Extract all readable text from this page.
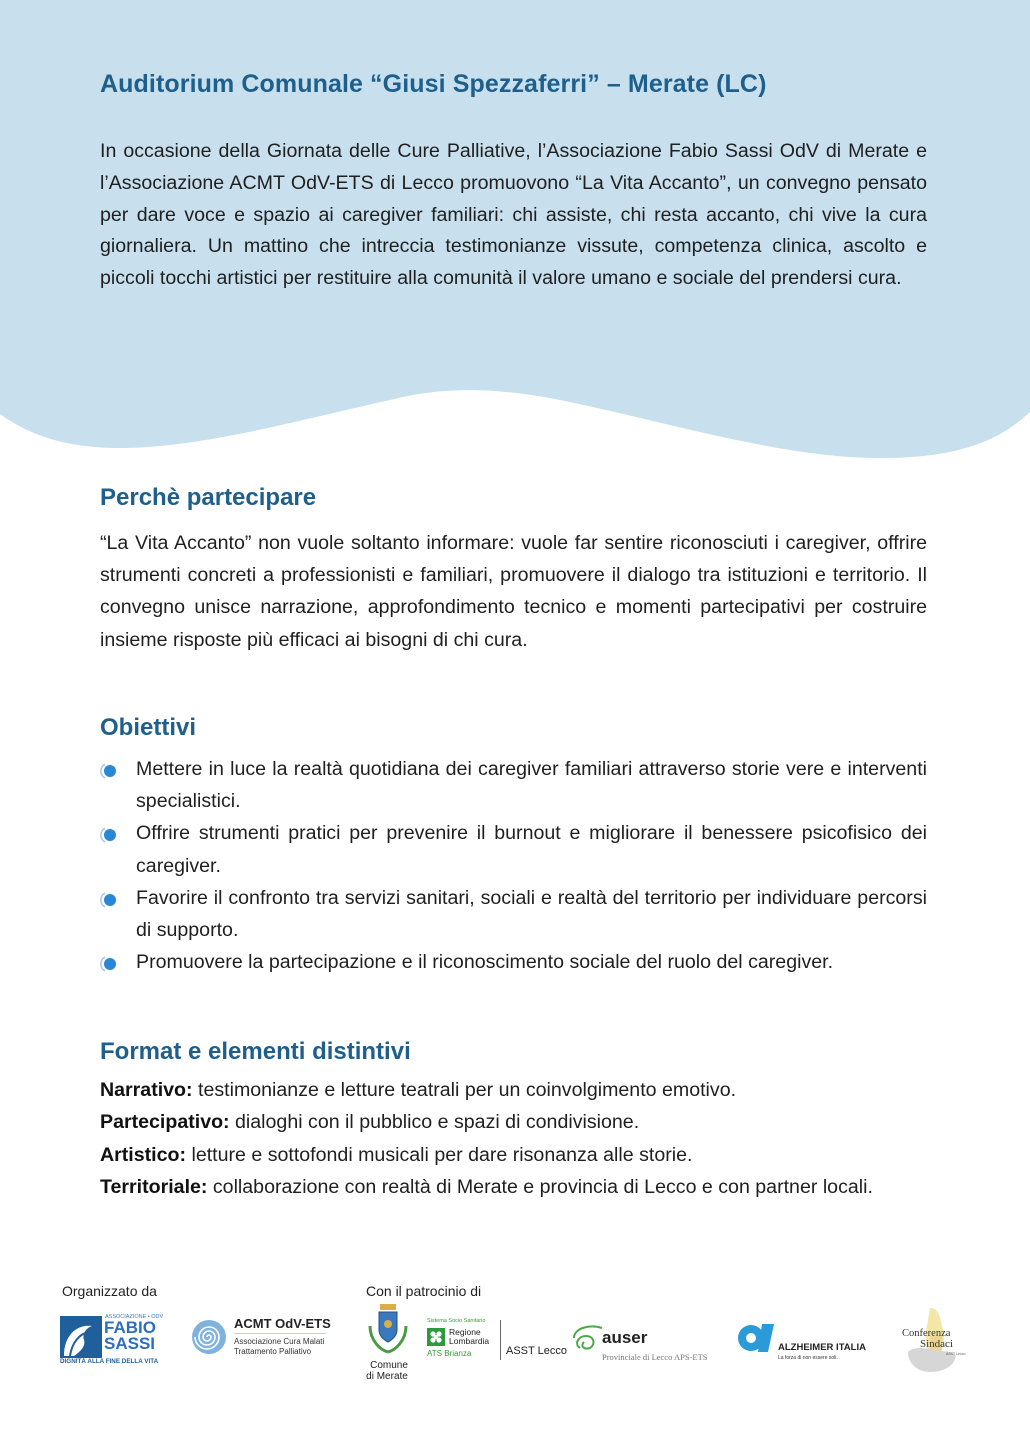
Auditorium Comunale “Giusi Spezzaferri” – Merate (LC)

In occasione della Giornata delle Cure Palliative, l’Associazione Fabio Sassi OdV di Merate e l’Associazione ACMT OdV-ETS di Lecco promuovono “La Vita Accanto”, un convegno pensato per dare voce e spazio ai caregiver familiari: chi assiste, chi resta accanto, chi vive la cura giornaliera. Un mattino che intreccia testimonianze vissute, competenza clinica, ascolto e piccoli tocchi artistici per restituire alla comunità il valore umano e sociale del prendersi cura.

Perchè partecipare

“La Vita Accanto” non vuole soltanto informare: vuole far sentire riconosciuti i caregiver, offrire strumenti concreti a professionisti e familiari, promuovere il dialogo tra istituzioni e territorio. Il convegno unisce narrazione, approfondimento tecnico e momenti partecipativi per costruire insieme risposte più efficaci ai bisogni di chi cura.

Obiettivi
Mettere in luce la realtà quotidiana dei caregiver familiari attraverso storie vere e interventi specialistici.
Offrire strumenti pratici per prevenire il burnout e migliorare il benessere psicofisico dei caregiver.
Favorire il confronto tra servizi sanitari, sociali e realtà del territorio per individuare percorsi di supporto.
Promuovere la partecipazione e il riconoscimento sociale del ruolo del caregiver.
Format e elementi distintivi

Narrativo: testimonianze e letture teatrali per un coinvolgimento emotivo.

Partecipativo: dialoghi con il pubblico e spazi di condivisione.

Artistico: letture e sottofondi musicali per dare risonanza alle storie.

Territoriale: collaborazione con realtà di Merate e provincia di Lecco e con partner locali.

Organizzato da	Con il patrocinio di
ASSOCIAZIONE • ODV
FABIO
SASSI
DIGNITÀ ALLA FINE DELLA VITA
ACMT OdV-ETS
Associazione Cura Malati
Trattamento Palliativo
Comune
di Merate
Sistema Socio Sanitario
Regione
Lombardia
ATS Brianza	ASST Lecco
auser
Provinciale di Lecco APS-ETS
ALZHEIMER ITALIA
La forza di non essere soli.
Conferenza
Sindaci
ASST Lecco
